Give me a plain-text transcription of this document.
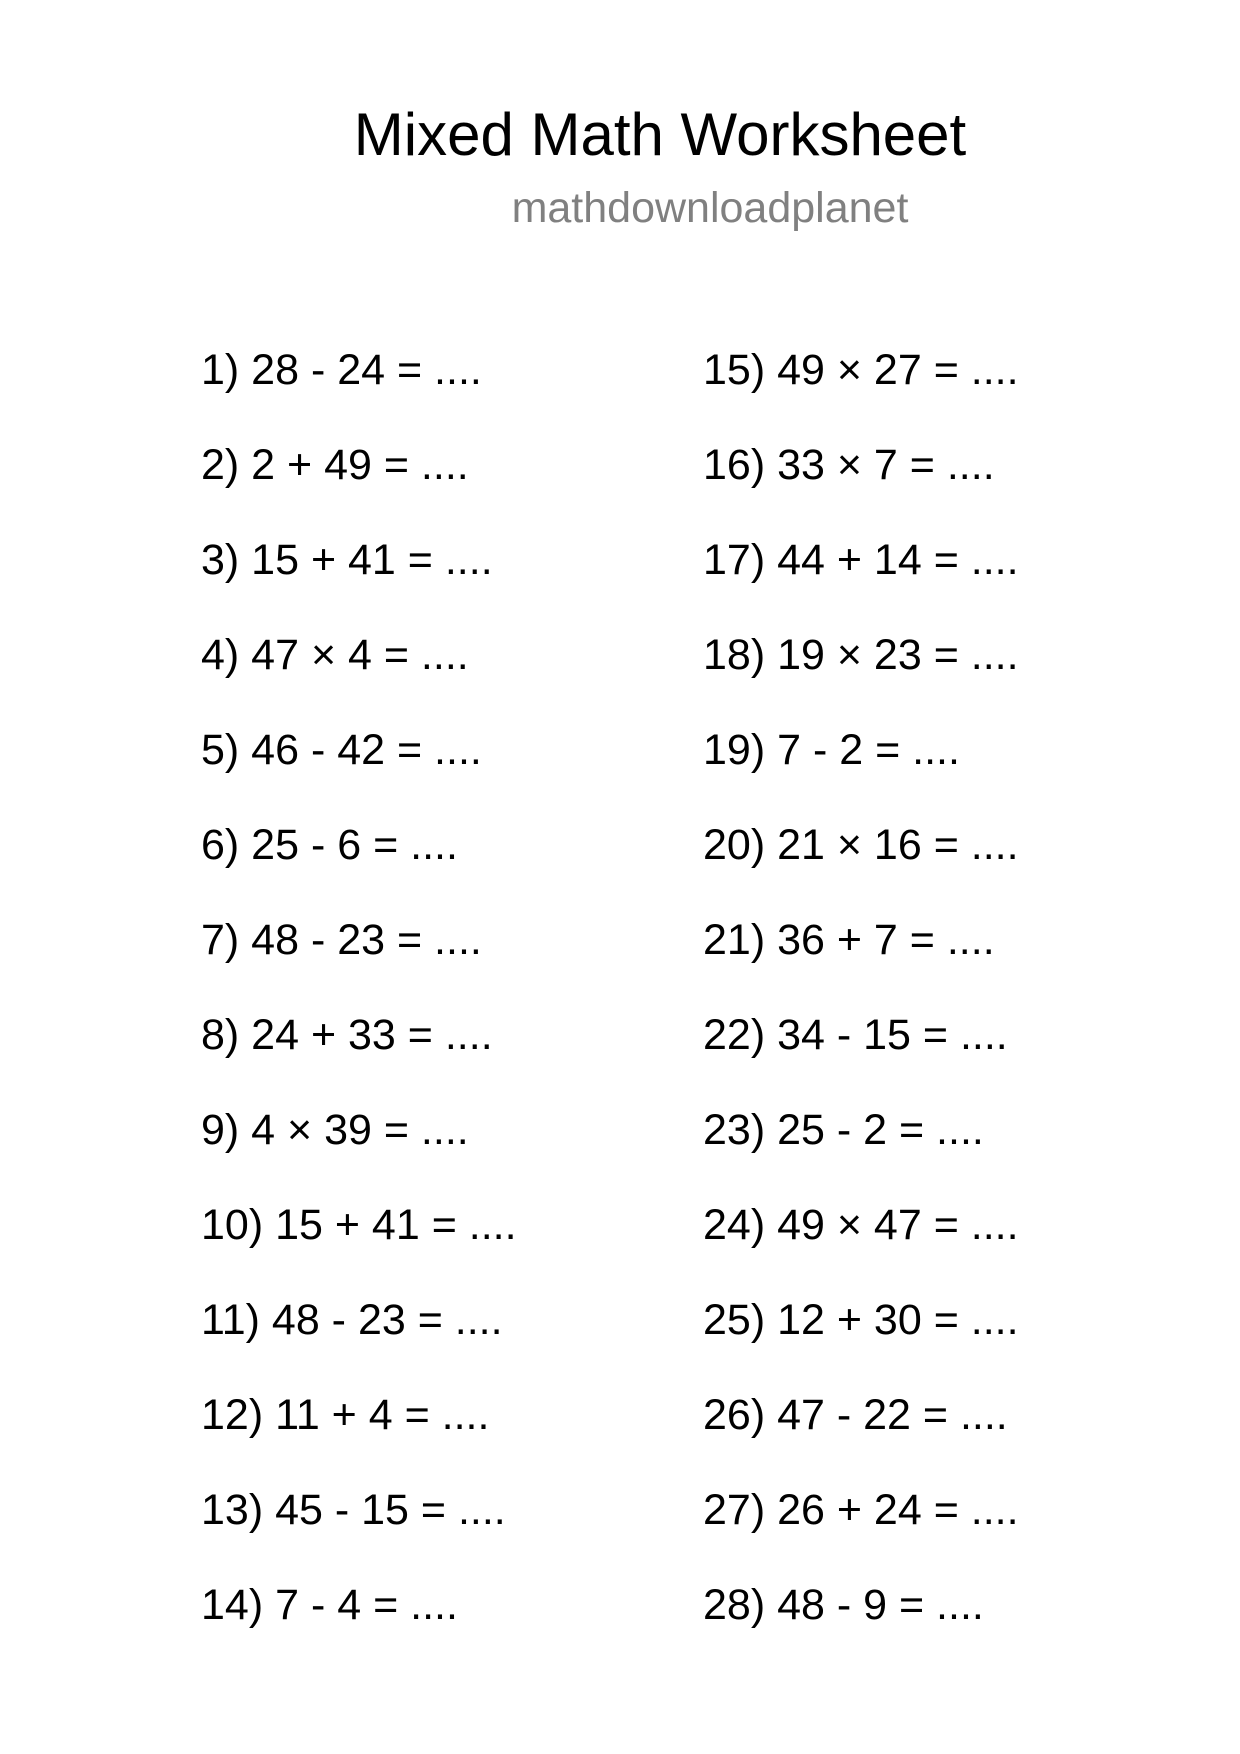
Mixed Math Worksheet
mathdownloadplanet
1) 28 - 24 = ....
2) 2 + 49 = ....
3) 15 + 41 = ....
4) 47 × 4 = ....
5) 46 - 42 = ....
6) 25 - 6 = ....
7) 48 - 23 = ....
8) 24 + 33 = ....
9) 4 × 39 = ....
10) 15 + 41 = ....
11) 48 - 23 = ....
12) 11 + 4 = ....
13) 45 - 15 = ....
14) 7 - 4 = ....
15) 49 × 27 = ....
16) 33 × 7 = ....
17) 44 + 14 = ....
18) 19 × 23 = ....
19) 7 - 2 = ....
20) 21 × 16 = ....
21) 36 + 7 = ....
22) 34 - 15 = ....
23) 25 - 2 = ....
24) 49 × 47 = ....
25) 12 + 30 = ....
26) 47 - 22 = ....
27) 26 + 24 = ....
28) 48 - 9 = ....
